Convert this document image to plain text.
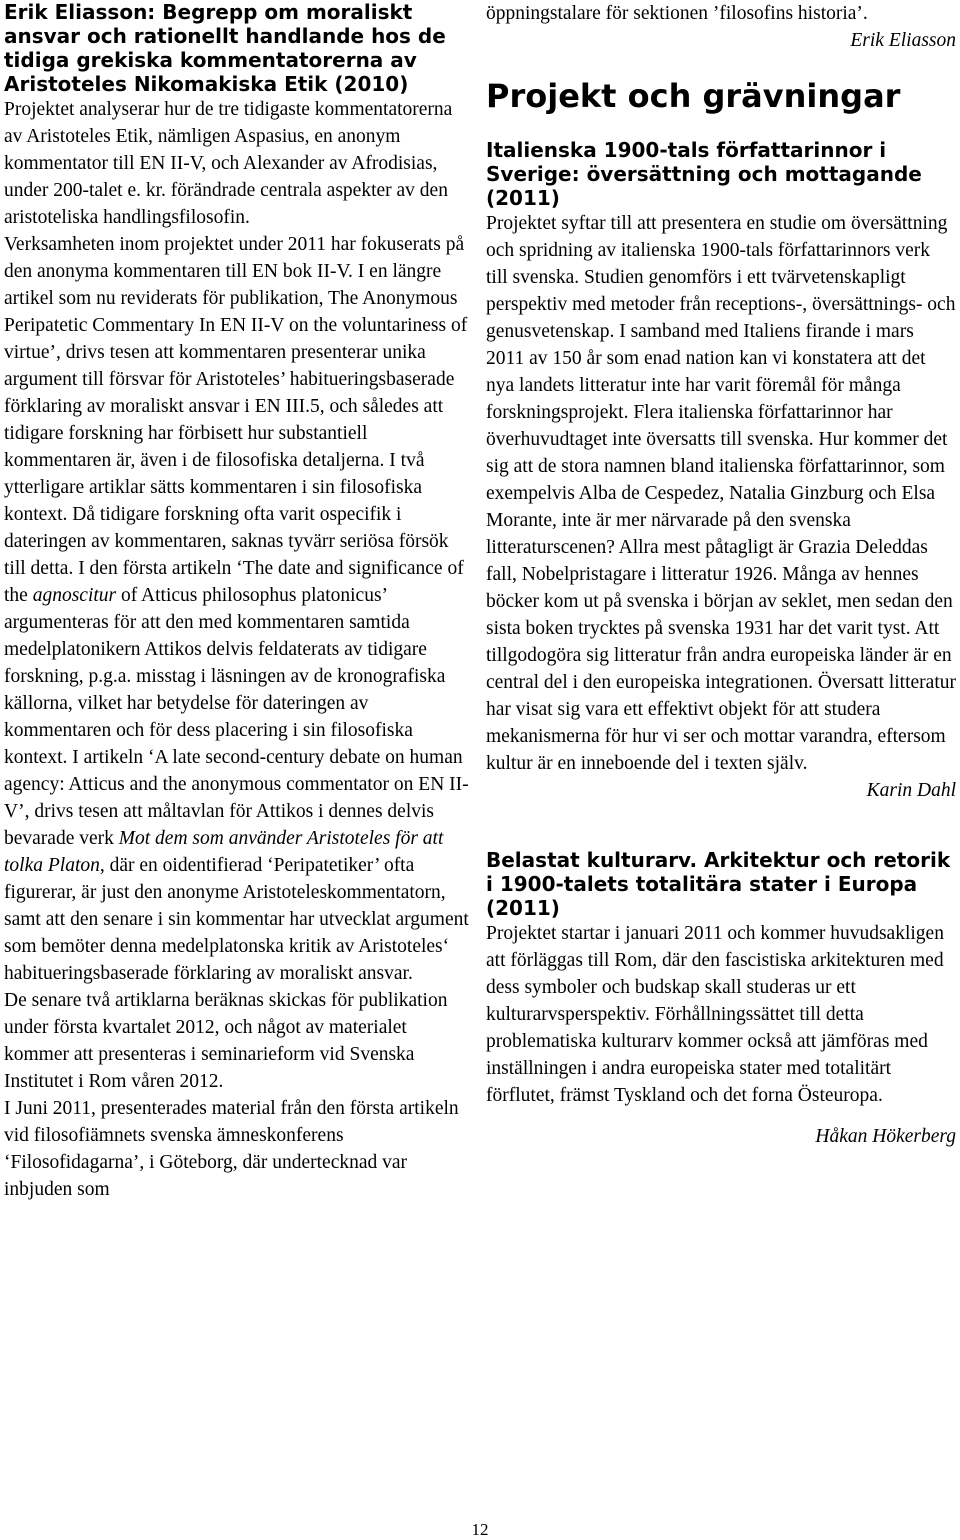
Erik Eliasson: Begrepp om moraliskt ansvar och rationellt handlande hos de tidiga grekiska kommentatorerna av Aristoteles Nikomakiska Etik (2010)

Projektet analyserar hur de tre tidigaste kommentatorerna av Aristoteles Etik, nämligen Aspasius, en anonym kommentator till EN II-V, och Alexander av Afrodisias, under 200-talet e. kr. förändrade centrala aspekter av den aristoteliska handlingsfilosofin.

Verksamheten inom projektet under 2011 har fokuserats på den anonyma kommentaren till EN bok II-V. I en längre artikel som nu reviderats för publikation, The Anonymous Peripatetic Commentary In EN II-V on the voluntariness of virtue’, drivs tesen att kommentaren presenterar unika argument till försvar för Aristoteles’ habitueringsbaserade förklaring av moraliskt ansvar i EN III.5, och således att tidigare forskning har förbisett hur substantiell kommentaren är, även i de filosofiska detaljerna. I två ytterligare artiklar sätts kommentaren i sin filosofiska kontext. Då tidigare forskning ofta varit ospecifik i dateringen av kommentaren, saknas tyvärr seriösa försök till detta. I den första artikeln ‘The date and significance of the agnoscitur of Atticus philosophus platonicus’ argumenteras för att den med kommentaren samtida medelplatonikern Attikos delvis feldaterats av tidigare forskning, p.g.a. misstag i läsningen av de kronografiska källorna, vilket har betydelse för dateringen av kommentaren och för dess placering i sin filosofiska kontext. I artikeln ‘A late second-century debate on human agency: Atticus and the anonymous commentator on EN II-V’, drivs tesen att måltavlan för Attikos i dennes delvis bevarade verk Mot dem som använder Aristoteles för att tolka Platon, där en oidentifierad ‘Peripatetiker’ ofta figurerar, är just den anonyme Aristoteleskommentatorn, samt att den senare i sin kommentar har utvecklat argument som bemöter denna medelplatonska kritik av Aristoteles‘ habitueringsbaserade förklaring av moraliskt ansvar.

De senare två artiklarna beräknas skickas för publikation under första kvartalet 2012, och något av materialet kommer att presenteras i seminarieform vid Svenska Institutet i Rom våren 2012.

I Juni 2011, presenterades material från den första artikeln vid filosofiämnets svenska ämneskonferens ‘Filosofidagarna’, i Göteborg, där undertecknad var inbjuden som

öppningstalare för sektionen ’filosofins historia’.

Erik Eliasson

Projekt och grävningar
Italienska 1900-tals författarinnor i Sverige: översättning och mottagande (2011)

Projektet syftar till att presentera en studie om översättning och spridning av italienska 1900-tals författarinnors verk till svenska. Studien genomförs i ett tvärvetenskapligt perspektiv med metoder från receptions-, översättnings- och genusvetenskap. I samband med Italiens firande i mars 2011 av 150 år som enad nation kan vi konstatera att det nya landets litteratur inte har varit föremål för många forskningsprojekt. Flera italienska författarinnor har överhuvudtaget inte översatts till svenska. Hur kommer det sig att de stora namnen bland italienska författarinnor, som exempelvis Alba de Cespedez, Natalia Ginzburg och Elsa Morante, inte är mer närvarade på den svenska litteraturscenen? Allra mest påtagligt är Grazia Deleddas fall, Nobelpristagare i litteratur 1926. Många av hennes böcker kom ut på svenska i början av seklet, men sedan den sista boken trycktes på svenska 1931 har det varit tyst. Att tillgodogöra sig litteratur från andra europeiska länder är en central del i den europeiska integrationen. Översatt litteratur har visat sig vara ett effektivt objekt för att studera mekanismerna för hur vi ser och mottar varandra, eftersom kultur är en inneboende del i texten själv.

Karin Dahl

Belastat kulturarv. Arkitektur och retorik i 1900-talets totalitära stater i Europa (2011)

Projektet startar i januari 2011 och kommer huvudsakligen att förläggas till Rom, där den fascistiska arkitekturen med dess symboler och budskap skall studeras ur ett kulturarvsperspektiv. Förhållningssättet till detta problematiska kulturarv kommer också att jämföras med inställningen i andra europeiska stater med totalitärt förflutet, främst Tyskland och det forna Östeuropa.

Håkan Hökerberg

12
